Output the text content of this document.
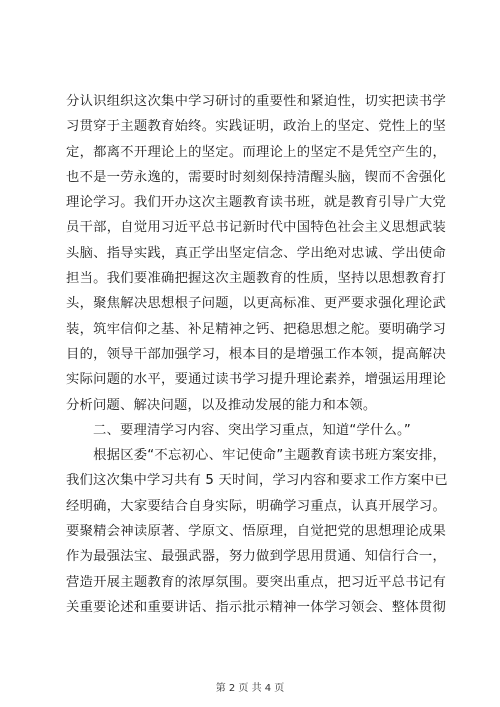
分认识组织这次集中学习研讨的重要性和紧迫性，切实把读书学
习贯穿于主题教育始终。实践证明，政治上的坚定、党性上的坚
定，都离不开理论上的坚定。而理论上的坚定不是凭空产生的，
也不是一劳永逸的，需要时时刻刻保持清醒头脑，锲而不舍强化
理论学习。我们开办这次主题教育读书班，就是教育引导广大党
员干部，自觉用习近平总书记新时代中国特色社会主义思想武装
头脑、指导实践，真正学出坚定信念、学出绝对忠诚、学出使命
担当。我们要准确把握这次主题教育的性质，坚持以思想教育打
头，聚焦解决思想根子问题，以更高标准、更严要求强化理论武
装，筑牢信仰之基、补足精神之钙、把稳思想之舵。要明确学习
目的，领导干部加强学习，根本目的是增强工作本领，提高解决
实际问题的水平，要通过读书学习提升理论素养，增强运用理论
分析问题、解决问题，以及推动发展的能力和本领。
　　二、要理清学习内容、突出学习重点，知道“学什么。”
　　根据区委“不忘初心、牢记使命”主题教育读书班方案安排，
我们这次集中学习共有 5 天时间，学习内容和要求工作方案中已
经明确，大家要结合自身实际，明确学习重点，认真开展学习。
要聚精会神读原著、学原文、悟原理，自觉把党的思想理论成果
作为最强法宝、最强武器，努力做到学思用贯通、知信行合一，
营造开展主题教育的浓厚氛围。要突出重点，把习近平总书记有
关重要论述和重要讲话、指示批示精神一体学习领会、整体贯彻
第 2 页 共 4 页
